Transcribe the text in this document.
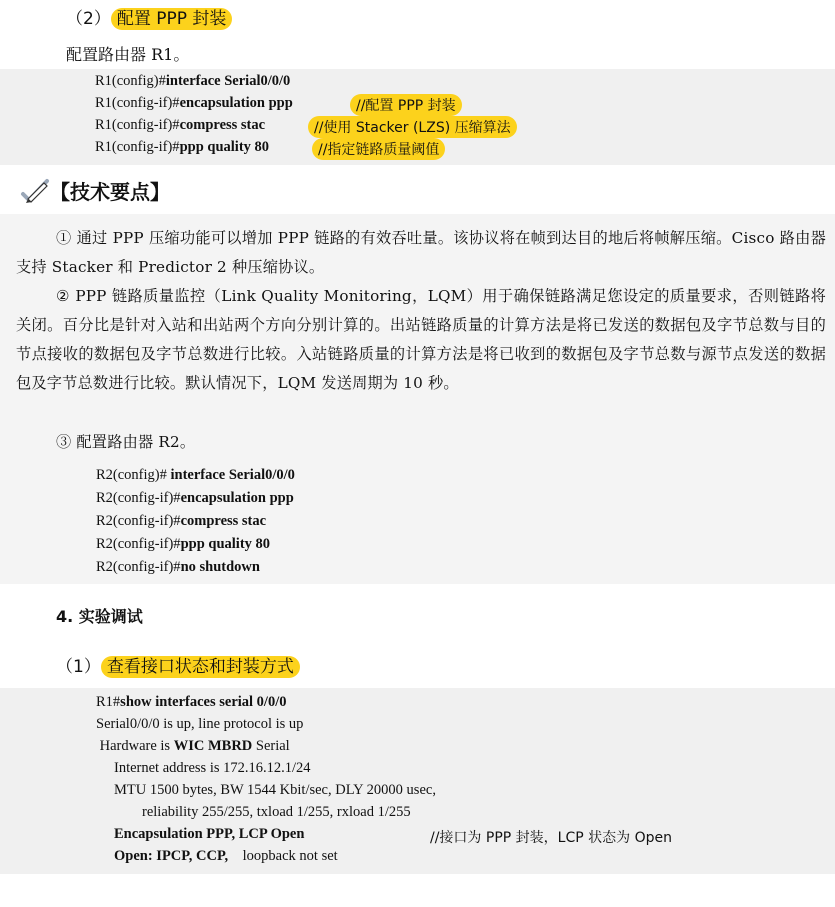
（2） 配置 PPP 封装
配置路由器 R1。

R1(config)#interface Serial0/0/0

R1(config-if)#encapsulation ppp

R1(config-if)#compress stac

R1(config-if)#ppp quality 80

//配置 PPP 封装
//使用 Stacker (LZS) 压缩算法
//指定链路质量阈值
【技术要点】
① 通过 PPP 压缩功能可以增加 PPP 链路的有效吞吐量。该协议将在帧到达目的地后将帧解压缩。Cisco 路由器支持 Stacker 和 Predictor 2 种压缩协议。
② PPP 链路质量监控（Link Quality Monitoring，LQM）用于确保链路满足您设定的质量要求，否则链路将关闭。百分比是针对入站和出站两个方向分别计算的。出站链路质量的计算方法是将已发送的数据包及字节总数与目的节点接收的数据包及字节总数进行比较。入站链路质量的计算方法是将已收到的数据包及字节总数与源节点发送的数据包及字节总数进行比较。默认情况下，LQM 发送周期为 10 秒。
③ 配置路由器 R2。

R2(config)# interface Serial0/0/0

R2(config-if)#encapsulation ppp

R2(config-if)#compress stac

R2(config-if)#ppp quality 80

R2(config-if)#no shutdown

4. 实验调试
（1） 查看接口状态和封装方式

R1#show interfaces serial 0/0/0

Serial0/0/0 is up, line protocol is up

Hardware is WIC MBRD Serial

Internet address is 172.16.12.1/24

MTU 1500 bytes, BW 1544 Kbit/sec, DLY 20000 usec,

reliability 255/255, txload 1/255, rxload 1/255

Encapsulation PPP, LCP Open

Open: IPCP, CCP,    loopback not set

//接口为 PPP 封装，LCP 状态为 Open
